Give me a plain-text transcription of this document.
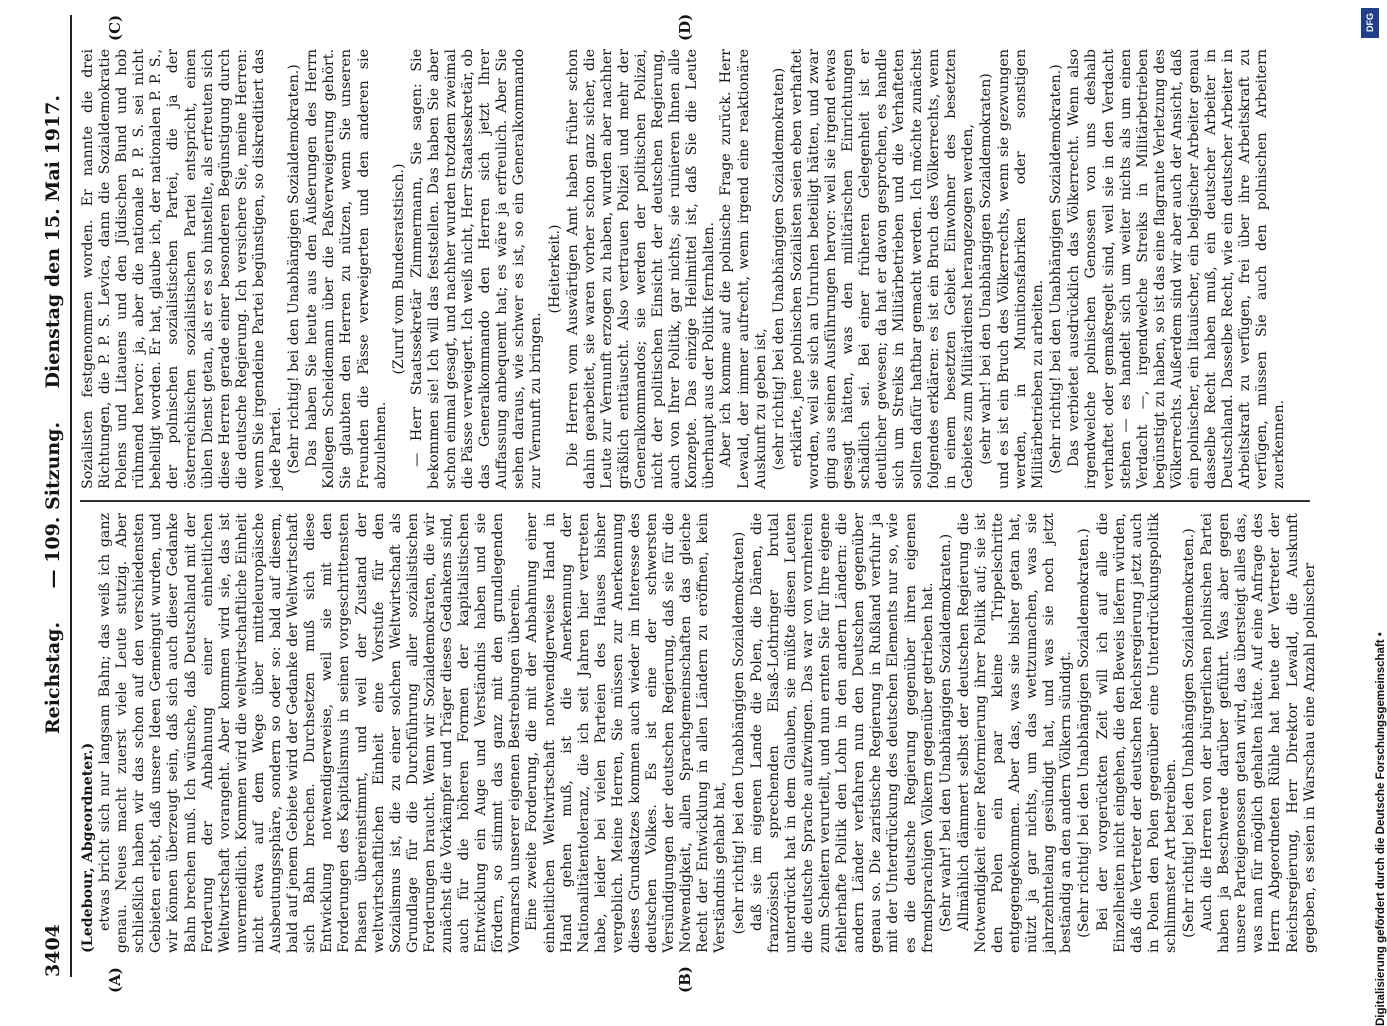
3404
Reichstag.
— 109. Sitzung.
Dienstag den 15. Mai 1917.
(A)	(B)
(C)	(D)

(Ledebour, Abgeordneter.) etwas bricht sich nur langsam Bahn; das weiß ich ganz genau. Neues macht zuerst viele Leute stutzig. Aber schließlich haben wir das schon auf den verschiedensten Gebieten erlebt, daß unsere Ideen Gemeingut wurden, und wir können überzeugt sein, daß sich auch dieser Gedanke Bahn brechen muß. Ich wünsche, daß Deutschland mit der Forderung der Anbahnung einer einheitlichen Weltwirtschaft vorangeht. Aber kommen wird sie, das ist unvermeidlich. Kommen wird die weltwirtschaftliche Einheit nicht etwa auf dem Wege über mitteleuropäische Ausbeutungssphäre, sondern so oder so: bald auf diesem, bald auf jenem Gebiete wird der Gedanke der Weltwirtschaft sich Bahn brechen. Durchsetzen muß sich diese Entwicklung notwendigerweise, weil sie mit den Forderungen des Kapitalismus in seinen vorgeschrittensten Phasen übereinstimmt, und weil der Zustand der weltwirtschaftlichen Einheit eine Vorstufe für den Sozialismus ist, die zu einer solchen Weltwirtschaft als Grundlage für die Durchführung aller sozialistischen Forderungen braucht. Wenn wir Sozialdemokraten, die wir zunächst die Vorkämpfer und Träger dieses Gedankens sind, auch für die höheren Formen der kapitalistischen Entwicklung ein Auge und Verständnis haben und sie fördern, so stimmt das ganz mit den grundlegenden Vormarsch unserer eigenen Bestrebungen überein. Eine zweite Forderung, die mit der Anbahnung einer einheitlichen Weltwirtschaft notwendigerweise Hand in Hand gehen muß, ist die Anerkennung der Nationalitätentoleranz, die ich seit Jahren hier vertreten habe, leider bei vielen Parteien des Hauses bisher vergeblich. Meine Herren, Sie müssen zur Anerkennung dieses Grundsatzes kommen auch wieder im Interesse des deutschen Volkes. Es ist eine der schwersten Versündigungen der deutschen Regierung, daß sie für die Notwendigkeit, allen Sprachgemeinschaften das gleiche Recht der Entwicklung in allen Ländern zu eröffnen, kein Verständnis gehabt hat, (sehr richtig! bei den Unabhängigen Sozialdemokraten) daß sie im eigenen Lande die Polen, die Dänen, die französisch sprechenden Elsaß-Lothringer brutal unterdrückt hat in dem Glauben, sie müßte diesen Leuten die deutsche Sprache aufzwingen. Das war von vornherein zum Scheitern verurteilt, und nun ernten Sie für Ihre eigene fehlerhafte Politik den Lohn in den andern Ländern: die andern Länder verfahren nun den Deutschen gegenüber genau so. Die zaristische Regierung in Rußland verfuhr ja mit der Unterdrückung des deutschen Elements nur so, wie es die deutsche Regierung gegenüber ihren eigenen fremdsprachigen Völkern gegenüber getrieben hat. (Sehr wahr! bei den Unabhängigen Sozialdemokraten.) Allmählich dämmert selbst der deutschen Regierung die Notwendigkeit einer Reformierung ihrer Politik auf; sie ist den Polen ein paar kleine Trippelschritte entgegengekommen. Aber das, was sie bisher getan hat, nützt ja gar nichts, um das wettzumachen, was sie jahrzehntelang gesündigt hat, und was sie noch jetzt beständig an den andern Völkern sündigt. (Sehr richtig! bei den Unabhängigen Sozialdemokraten.) Bei der vorgerückten Zeit will ich auf alle die Einzelheiten nicht eingehen, die den Beweis liefern würden, daß die Vertreter der deutschen Reichsregierung jetzt auch in Polen den Polen gegenüber eine Unterdrückungspolitik schlimmster Art betreiben. (Sehr richtig! bei den Unabhängigen Sozialdemokraten.) Auch die Herren von der bürgerlichen polnischen Partei haben ja Beschwerde darüber geführt. Was aber gegen unsere Parteigenossen getan wird, das übersteigt alles das, was man für möglich gehalten hätte. Auf eine Anfrage des Herrn Abgeordneten Rühle hat heute der Vertreter der Reichsregierung, Herr Direktor Lewald, die Auskunft gegeben, es seien in Warschau eine Anzahl polnischer

Sozialisten festgenommen worden. Er nannte die drei Richtungen, die P. P. S. Levica, dann die Sozialdemokratie Polens und Litauens und den Jüdischen Bund und hob rühmend hervor: ja, aber die nationale P. P. S. sei nicht behelligt worden. Er hat, glaube ich, der nationalen P. P. S., der polnischen sozialistischen Partei, die ja der österreichischen sozialistischen Partei entspricht, einen üblen Dienst getan, als er es so hinstellte, als erfreuten sich diese Herren gerade einer besonderen Begünstigung durch die deutsche Regierung. Ich versichere Sie, meine Herren: wenn Sie irgendeine Partei begünstigen, so diskreditiert das jede Partei. (Sehr richtig! bei den Unabhängigen Sozialdemokraten.) Das haben Sie heute aus den Äußerungen des Herrn Kollegen Scheidemann über die Paßverweigerung gehört. Sie glaubten den Herren zu nützen, wenn Sie unseren Freunden die Pässe verweigerten und den anderen sie abzulehnen.

(Zuruf vom Bundesratstisch.) — Herr Staatssekretär Zimmermann, Sie sagen: Sie bekommen sie! Ich will das feststellen. Das haben Sie aber schon einmal gesagt, und nachher wurden trotzdem zweimal die Pässe verweigert. Ich weiß nicht, Herr Staatssekretär, ob das Generalkommando den Herren sich jetzt Ihrer Auffassung anbequemt hat; es wäre ja erfreulich. Aber Sie sehen daraus, wie schwer es ist, so ein Generalkommando zur Vernunft zu bringen.

(Heiterkeit.) Die Herren vom Auswärtigen Amt haben früher schon dahin gearbeitet, sie waren vorher schon ganz sicher, die Leute zur Vernunft erzogen zu haben, wurden aber nachher gräßlich enttäuscht. Also vertrauen Polizei und mehr der Generalkommandos; sie werden der politischen Polizei, nicht der politischen Einsicht der deutschen Regierung, auch von Ihrer Politik, gar nichts, sie ruinieren Ihnen alle Konzepte. Das einzige Heilmittel ist, daß Sie die Leute überhaupt aus der Politik fernhalten. Aber ich komme auf die polnische Frage zurück. Herr Lewald, der immer aufrecht, wenn irgend eine reaktionäre Auskunft zu geben ist, (sehr richtig! bei den Unabhängigen Sozialdemokraten) erklärte, jene polnischen Sozialisten seien eben verhaftet worden, weil sie sich an Unruhen beteiligt hätten, und zwar ging aus seinen Ausführungen hervor: weil sie irgend etwas gesagt hätten, was den militärischen Einrichtungen schädlich sei. Bei einer früheren Gelegenheit ist er deutlicher gewesen; da hat er davon gesprochen, es handle sich um Streiks in Militärbetrieben und die Verhafteten sollten dafür haftbar gemacht werden. Ich möchte zunächst folgendes erklären: es ist ein Bruch des Völkerrechts, wenn in einem besetzten Gebiet Einwohner des besetzten Gebietes zum Militärdienst herangezogen werden, (sehr wahr! bei den Unabhängigen Sozialdemokraten) und es ist ein Bruch des Völkerrechts, wenn sie gezwungen werden, in Munitionsfabriken oder sonstigen Militärbetrieben zu arbeiten. (Sehr richtig! bei den Unabhängigen Sozialdemokraten.) Das verbietet ausdrücklich das Völkerrecht. Wenn also irgendwelche polnischen Genossen von uns deshalb verhaftet oder gemaßregelt sind, weil sie in den Verdacht stehen — es handelt sich um weiter nichts als um einen Verdacht —, irgendwelche Streiks in Militärbetrieben begünstigt zu haben, so ist das eine flagrante Verletzung des Völkerrechts. Außerdem sind wir aber auch der Ansicht, daß ein polnischer, ein litauischer, ein belgischer Arbeiter genau dasselbe Recht haben muß, ein deutscher Arbeiter in Deutschland. Dasselbe Recht, wie ein deutscher Arbeiter in Arbeitskraft zu verfügen, frei über ihre Arbeitskraft zu verfügen, müssen Sie auch den polnischen Arbeitern zuerkennen.

DFG
Digitalisierung gefördert durch die Deutsche Forschungsgemeinschaft •
